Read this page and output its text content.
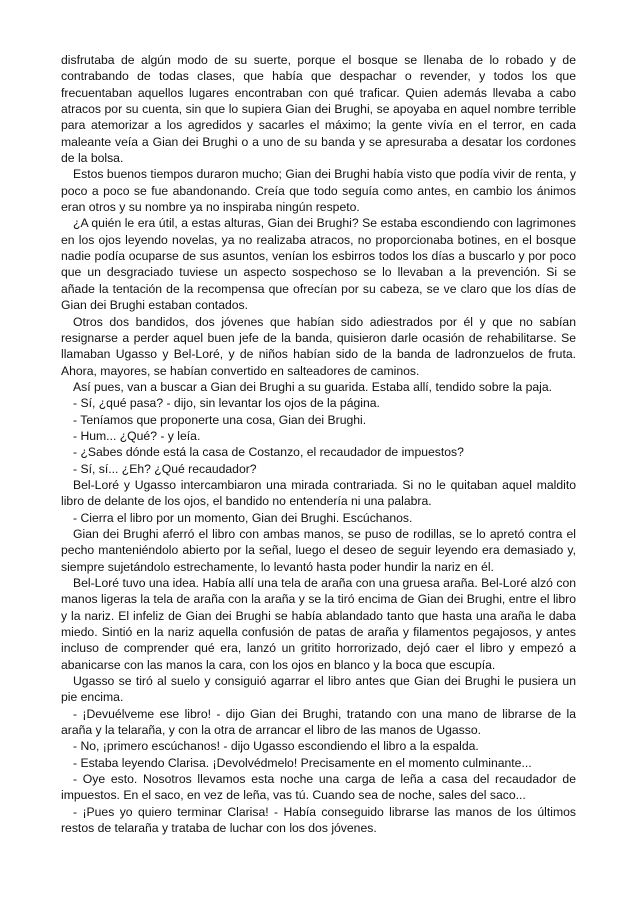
disfrutaba de algún modo de su suerte, porque el bosque se llenaba de lo robado y de contrabando de todas clases, que había que despachar o revender, y todos los que frecuentaban aquellos lugares encontraban con qué traficar. Quien además llevaba a cabo atracos por su cuenta, sin que lo supiera Gian dei Brughi, se apoyaba en aquel nombre terrible para atemorizar a los agredidos y sacarles el máximo; la gente vivía en el terror, en cada maleante veía a Gian dei Brughi o a uno de su banda y se apresuraba a desatar los cordones de la bolsa.

Estos buenos tiempos duraron mucho; Gian dei Brughi había visto que podía vivir de renta, y poco a poco se fue abandonando. Creía que todo seguía como antes, en cambio los ánimos eran otros y su nombre ya no inspiraba ningún respeto.

¿A quién le era útil, a estas alturas, Gian dei Brughi? Se estaba escondiendo con lagrimones en los ojos leyendo novelas, ya no realizaba atracos, no proporcionaba botines, en el bosque nadie podía ocuparse de sus asuntos, venían los esbirros todos los días a buscarlo y por poco que un desgraciado tuviese un aspecto sospechoso se lo llevaban a la prevención. Si se añade la tentación de la recompensa que ofrecían por su cabeza, se ve claro que los días de Gian dei Brughi estaban contados.

Otros dos bandidos, dos jóvenes que habían sido adiestrados por él y que no sabían resignarse a perder aquel buen jefe de la banda, quisieron darle ocasión de rehabilitarse. Se llamaban Ugasso y Bel-Loré, y de niños habían sido de la banda de ladronzuelos de fruta. Ahora, mayores, se habían convertido en salteadores de caminos.

Así pues, van a buscar a Gian dei Brughi a su guarida. Estaba allí, tendido sobre la paja.

- Sí, ¿qué pasa? - dijo, sin levantar los ojos de la página.

- Teníamos que proponerte una cosa, Gian dei Brughi.

- Hum... ¿Qué? - y leía.

- ¿Sabes dónde está la casa de Costanzo, el recaudador de impuestos?

- Sí, sí... ¿Eh? ¿Qué recaudador?

Bel-Loré y Ugasso intercambiaron una mirada contrariada. Si no le quitaban aquel maldito libro de delante de los ojos, el bandido no entendería ni una palabra.

- Cierra el libro por un momento, Gian dei Brughi. Escúchanos.

Gian dei Brughi aferró el libro con ambas manos, se puso de rodillas, se lo apretó contra el pecho manteniéndolo abierto por la señal, luego el deseo de seguir leyendo era demasiado y, siempre sujetándolo estrechamente, lo levantó hasta poder hundir la nariz en él.

Bel-Loré tuvo una idea. Había allí una tela de araña con una gruesa araña. Bel-Loré alzó con manos ligeras la tela de araña con la araña y se la tiró encima de Gian dei Brughi, entre el libro y la nariz. El infeliz de Gian dei Brughi se había ablandado tanto que hasta una araña le daba miedo. Sintió en la nariz aquella confusión de patas de araña y filamentos pegajosos, y antes incluso de comprender qué era, lanzó un gritito horrorizado, dejó caer el libro y empezó a abanicarse con las manos la cara, con los ojos en blanco y la boca que escupía.

Ugasso se tiró al suelo y consiguió agarrar el libro antes que Gian dei Brughi le pusiera un pie encima.

- ¡Devuélveme ese libro! - dijo Gian dei Brughi, tratando con una mano de librarse de la araña y la telaraña, y con la otra de arrancar el libro de las manos de Ugasso.

- No, ¡primero escúchanos! - dijo Ugasso escondiendo el libro a la espalda.

- Estaba leyendo Clarisa. ¡Devolvédmelo! Precisamente en el momento culminante...

- Oye esto. Nosotros llevamos esta noche una carga de leña a casa del recaudador de impuestos. En el saco, en vez de leña, vas tú. Cuando sea de noche, sales del saco...

- ¡Pues yo quiero terminar Clarisa! - Había conseguido librarse las manos de los últimos restos de telaraña y trataba de luchar con los dos jóvenes.
